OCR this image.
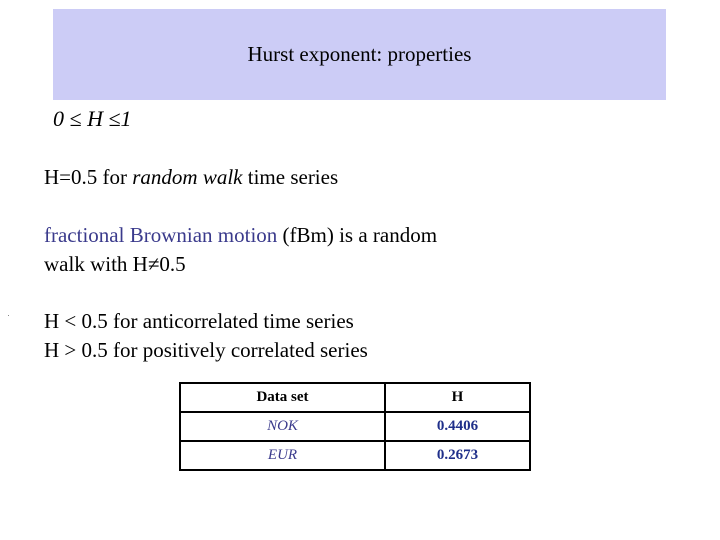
Hurst exponent: properties
0 ≤ H ≤1
H=0.5 for random walk time series
fractional Brownian motion (fBm) is a random
walk with H≠0.5
H < 0.5 for anticorrelated time series
H > 0.5 for positively correlated series
Data set	H
NOK	0.4406
EUR	0.2673
